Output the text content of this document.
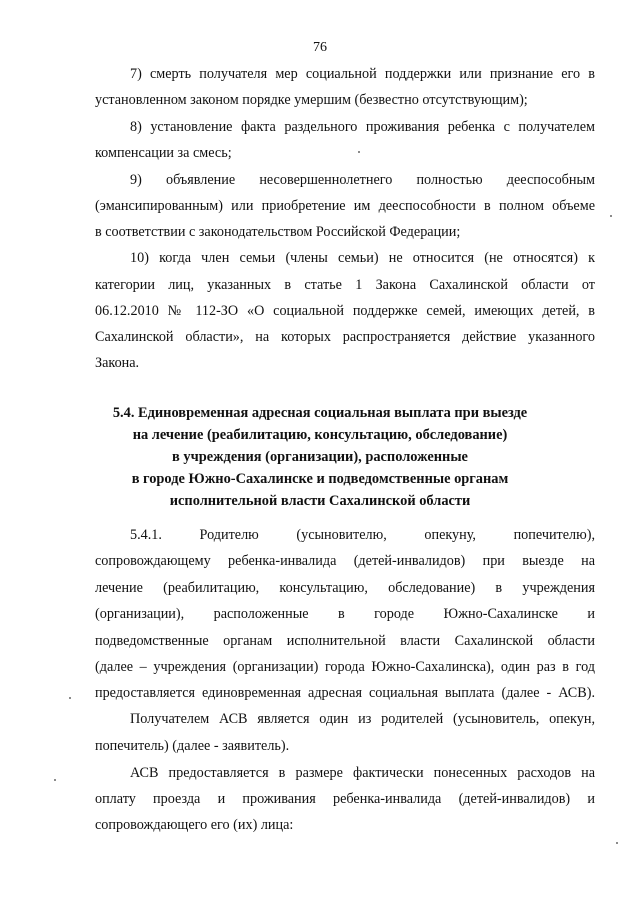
76
7) смерть получателя мер социальной поддержки или признание его в
установленном законом порядке умершим (безвестно отсутствующим);
8) установление факта раздельного проживания ребенка с получателем
компенсации за смесь;
9) объявление несовершеннолетнего полностью дееспособным
(эмансипированным) или приобретение им дееспособности в полном объеме
в соответствии с законодательством Российской Федерации;
10) когда член семьи (члены семьи) не относится (не относятся) к
категории лиц, указанных в статье 1 Закона Сахалинской области от
06.12.2010 № 112-ЗО «О социальной поддержке семей, имеющих детей, в
Сахалинской области», на которых распространяется действие указанного
Закона.
5.4. Единовременная адресная социальная выплата при выезде
на лечение (реабилитацию, консультацию, обследование)
в учреждения (организации), расположенные
в городе Южно-Сахалинске и подведомственные органам
исполнительной власти Сахалинской области
5.4.1. Родителю (усыновителю, опекуну, попечителю),
сопровождающему ребенка-инвалида (детей-инвалидов) при выезде на
лечение (реабилитацию, консультацию, обследование) в учреждения
(организации), расположенные в городе Южно-Сахалинске и
подведомственные органам исполнительной власти Сахалинской области
(далее – учреждения (организации) города Южно-Сахалинска), один раз в год
предоставляется единовременная адресная социальная выплата (далее - АСВ).
Получателем АСВ является один из родителей (усыновитель, опекун,
попечитель) (далее - заявитель).
АСВ предоставляется в размере фактически понесенных расходов на
оплату проезда и проживания ребенка-инвалида (детей-инвалидов) и
сопровождающего его (их) лица:
